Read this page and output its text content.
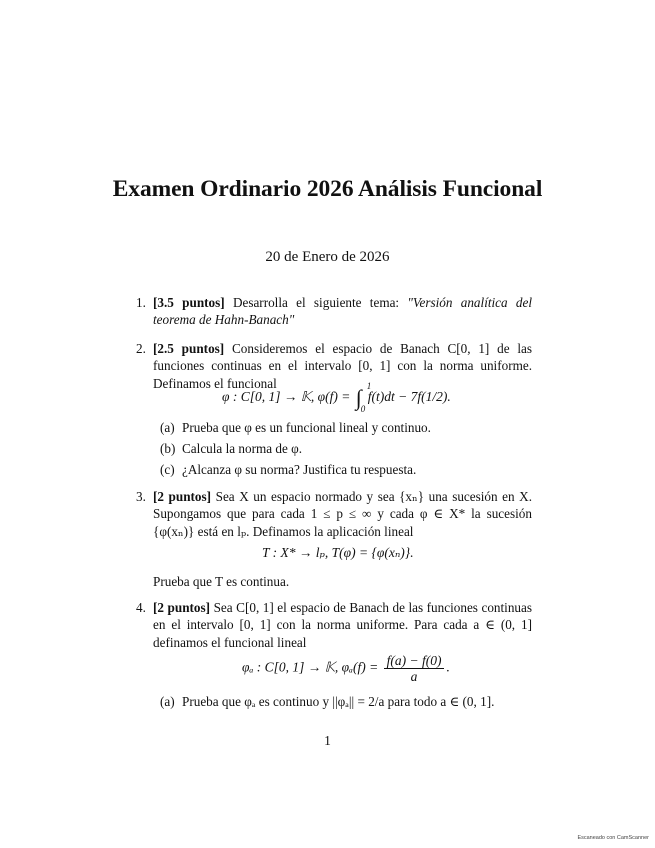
Examen Ordinario 2026 Análisis Funcional
20 de Enero de 2026
1. [3.5 puntos] Desarrolla el siguiente tema: "Versión analítica del teorema de Hahn-Banach"
2. [2.5 puntos] Consideremos el espacio de Banach C[0, 1] de las funciones continuas en el intervalo [0, 1] con la norma uniforme. Definamos el funcional
φ : C[0, 1] → 𝕂, φ(f) = ∫ 1
0
f(t)dt − 7f(1/2).
(a) Prueba que φ es un funcional lineal y continuo.
(b) Calcula la norma de φ.
(c) ¿Alcanza φ su norma? Justifica tu respuesta.
3. [2 puntos] Sea X un espacio normado y sea {xₙ} una sucesión en X. Supongamos que para cada 1 ≤ p ≤ ∞ y cada φ ∈ X* la sucesión {φ(xₙ)} está en lₚ. Definamos la aplicación lineal
T : X* → lₚ, T(φ) = {φ(xₙ)}.
Prueba que T es continua.
4. [2 puntos] Sea C[0, 1] el espacio de Banach de las funciones continuas en el intervalo [0, 1] con la norma uniforme. Para cada a ∈ (0, 1] definamos el funcional lineal
φₐ : C[0, 1] → 𝕂, $\varphi_a(f) = \frac{f(a) - f(0)}{a}$ .
(a) Prueba que φₐ es continuo y ||φₐ|| = 2/a para todo a ∈ (0, 1].
1
Escaneado con CamScanner
